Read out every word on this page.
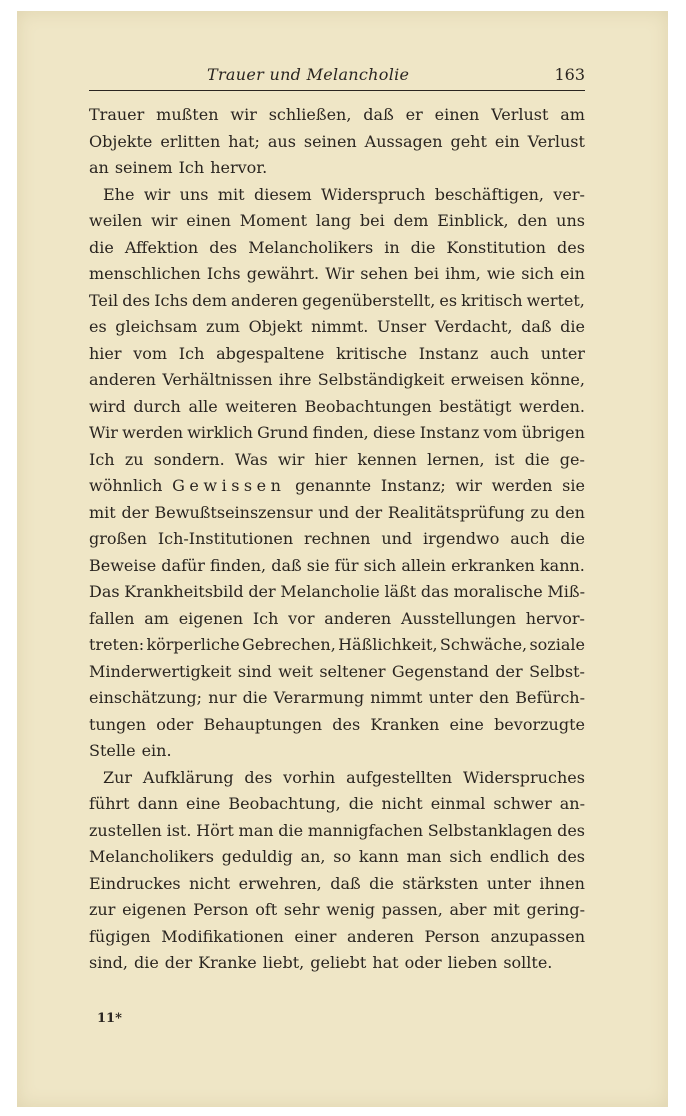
Trauer und Melancholie	163
Trauer mußten wir schließen, daß er einen Verlust am
Objekte erlitten hat; aus seinen Aussagen geht ein Verlust
an seinem Ich hervor.
Ehe wir uns mit diesem Widerspruch beschäftigen, ver-
weilen wir einen Moment lang bei dem Einblick, den uns
die Affektion des Melancholikers in die Konstitution des
menschlichen Ichs gewährt. Wir sehen bei ihm, wie sich ein
Teil des Ichs dem anderen gegenüberstellt, es kritisch wertet,
es gleichsam zum Objekt nimmt. Unser Verdacht, daß die
hier vom Ich abgespaltene kritische Instanz auch unter
anderen Verhältnissen ihre Selbständigkeit erweisen könne,
wird durch alle weiteren Beobachtungen bestätigt werden.
Wir werden wirklich Grund finden, diese Instanz vom übrigen
Ich zu sondern. Was wir hier kennen lernen, ist die ge-
wöhnlich Gewissen genannte Instanz; wir werden sie
mit der Bewußtseinszensur und der Realitätsprüfung zu den
großen Ich-Institutionen rechnen und irgendwo auch die
Beweise dafür finden, daß sie für sich allein erkranken kann.
Das Krankheitsbild der Melancholie läßt das moralische Miß-
fallen am eigenen Ich vor anderen Ausstellungen hervor-
treten: körperliche Gebrechen, Häßlichkeit, Schwäche, soziale
Minderwertigkeit sind weit seltener Gegenstand der Selbst-
einschätzung; nur die Verarmung nimmt unter den Befürch-
tungen oder Behauptungen des Kranken eine bevorzugte
Stelle ein.
Zur Aufklärung des vorhin aufgestellten Widerspruches
führt dann eine Beobachtung, die nicht einmal schwer an-
zustellen ist. Hört man die mannigfachen Selbstanklagen des
Melancholikers geduldig an, so kann man sich endlich des
Eindruckes nicht erwehren, daß die stärksten unter ihnen
zur eigenen Person oft sehr wenig passen, aber mit gering-
fügigen Modifikationen einer anderen Person anzupassen
sind, die der Kranke liebt, geliebt hat oder lieben sollte.
11*
